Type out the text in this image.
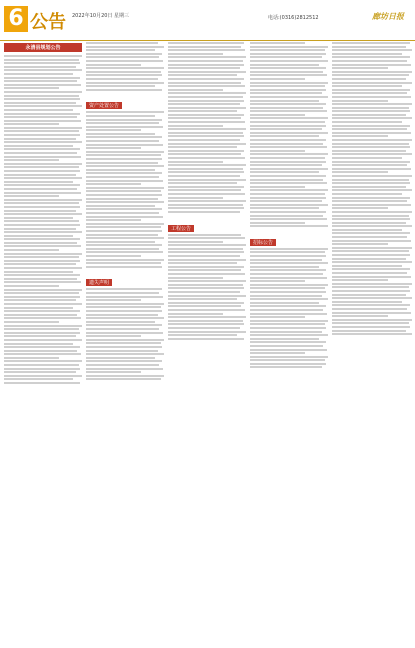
6 公告 2022年10月20日 星期三	电话:(0316)2812512	廊坊日报
永清县规划公告
资产处置公告
遗失声明
工程公告
招标公告
